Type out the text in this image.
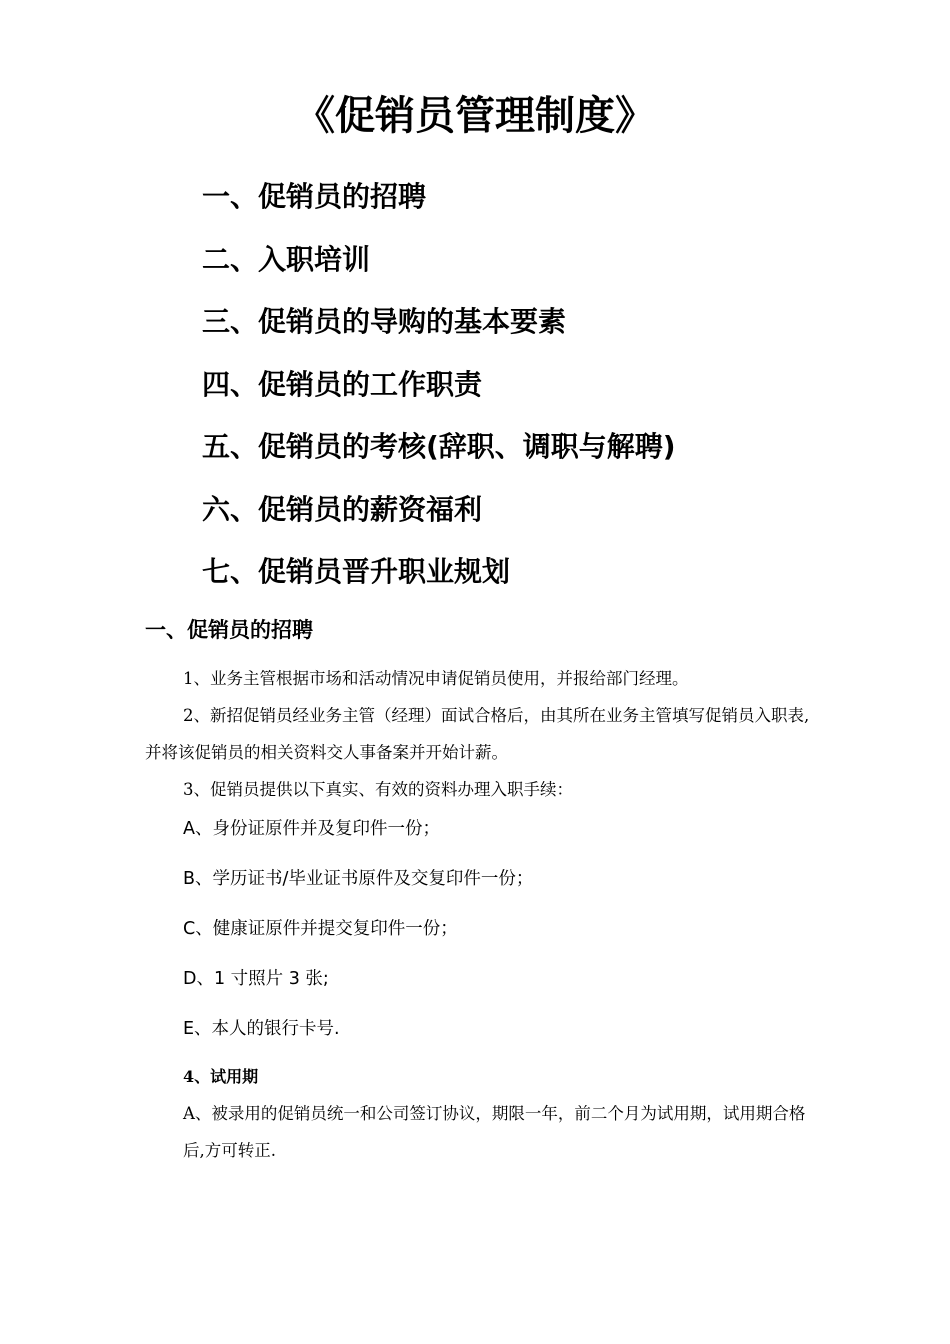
《促销员管理制度》
一、促销员的招聘
二、入职培训
三、促销员的导购的基本要素
四、促销员的工作职责
五、促销员的考核(辞职、调职与解聘)
六、促销员的薪资福利
七、促销员晋升职业规划
一、促销员的招聘

1、业务主管根据市场和活动情况申请促销员使用，并报给部门经理。

2、新招促销员经业务主管（经理）面试合格后，由其所在业务主管填写促销员入职表,并将该促销员的相关资料交人事备案并开始计薪。

3、促销员提供以下真实、有效的资料办理入职手续：

A、身份证原件并及复印件一份；

B、学历证书/毕业证书原件及交复印件一份；

C、健康证原件并提交复印件一份；

D、1 寸照片 3 张;

E、本人的银行卡号.

4、试用期

A、被录用的促销员统一和公司签订协议，期限一年，前二个月为试用期，试用期合格后,方可转正.
